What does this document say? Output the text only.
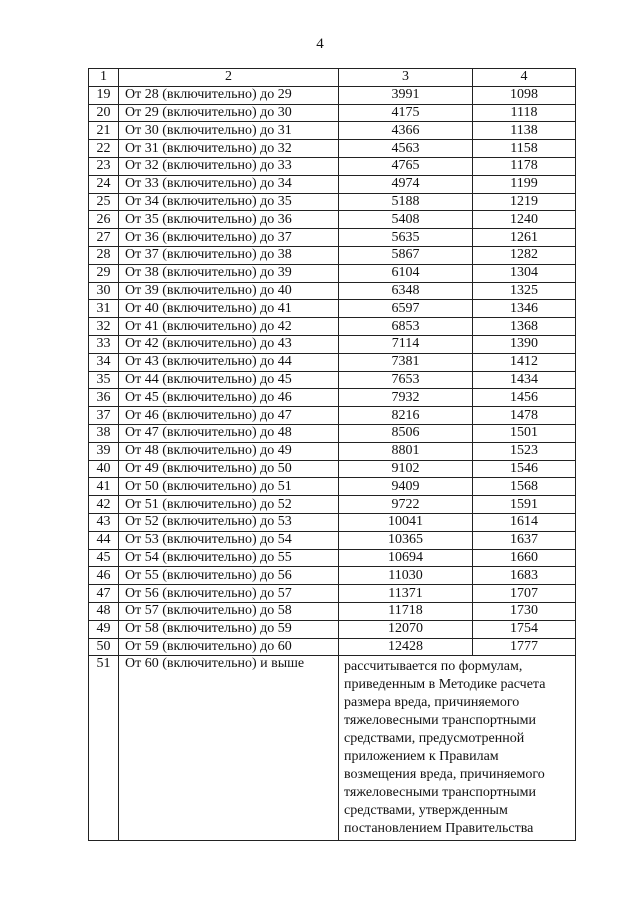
4
1	2	3	4
19	От 28 (включительно) до 29	3991	1098
20	От 29 (включительно) до 30	4175	1118
21	От 30 (включительно) до 31	4366	1138
22	От 31 (включительно) до 32	4563	1158
23	От 32 (включительно) до 33	4765	1178
24	От 33 (включительно) до 34	4974	1199
25	От 34 (включительно) до 35	5188	1219
26	От 35 (включительно) до 36	5408	1240
27	От 36 (включительно) до 37	5635	1261
28	От 37 (включительно) до 38	5867	1282
29	От 38 (включительно) до 39	6104	1304
30	От 39 (включительно) до 40	6348	1325
31	От 40 (включительно) до 41	6597	1346
32	От 41 (включительно) до 42	6853	1368
33	От 42 (включительно) до 43	7114	1390
34	От 43 (включительно) до 44	7381	1412
35	От 44 (включительно) до 45	7653	1434
36	От 45 (включительно) до 46	7932	1456
37	От 46 (включительно) до 47	8216	1478
38	От 47 (включительно) до 48	8506	1501
39	От 48 (включительно) до 49	8801	1523
40	От 49 (включительно) до 50	9102	1546
41	От 50 (включительно) до 51	9409	1568
42	От 51 (включительно) до 52	9722	1591
43	От 52 (включительно) до 53	10041	1614
44	От 53 (включительно) до 54	10365	1637
45	От 54 (включительно) до 55	10694	1660
46	От 55 (включительно) до 56	11030	1683
47	От 56 (включительно) до 57	11371	1707
48	От 57 (включительно) до 58	11718	1730
49	От 58 (включительно) до 59	12070	1754
50	От 59 (включительно) до 60	12428	1777
51	От 60 (включительно) и выше	рассчитывается по формулам, приведенным в Методике расчета размера вреда, причиняемого тяжеловесными транспортными средствами, предусмотренной приложением к Правилам возмещения вреда, причиняемого тяжеловесными транспортными средствами, утвержденным постановлением Правительства	
